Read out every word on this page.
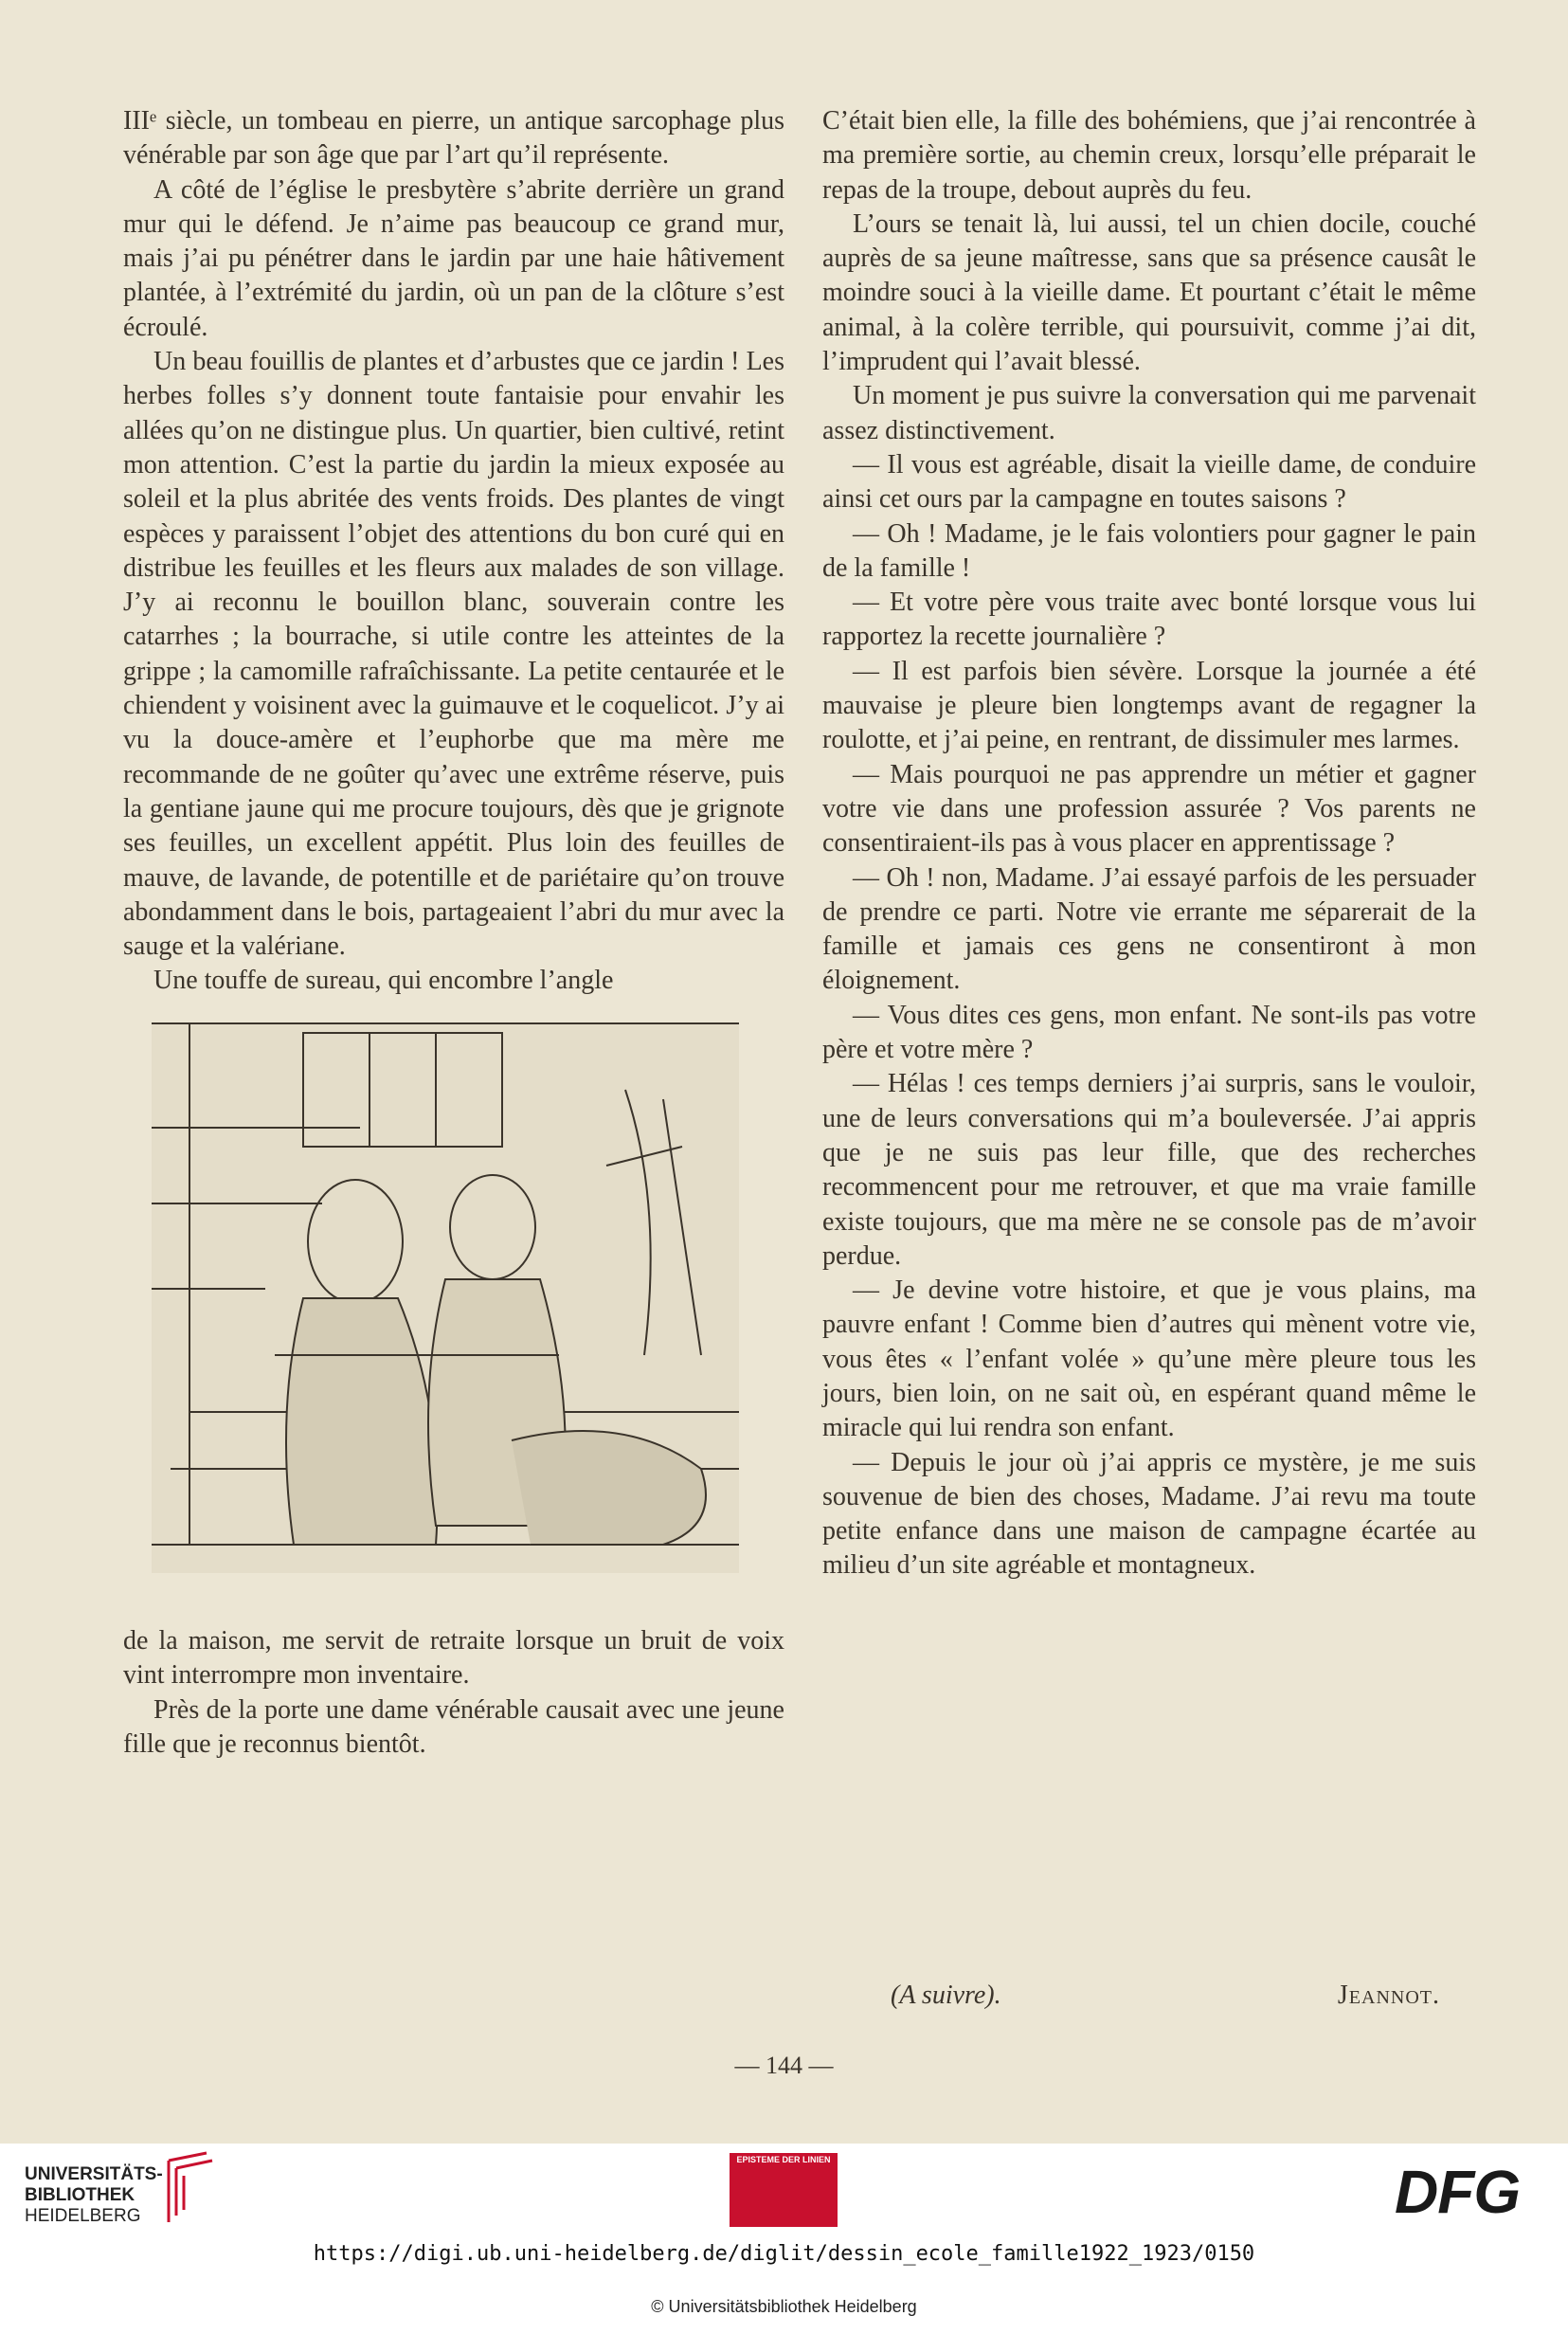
IIIᵉ siècle, un tombeau en pierre, un antique sarcophage plus vénérable par son âge que par l’art qu’il représente.

A côté de l’église le presbytère s’abrite derrière un grand mur qui le défend. Je n’aime pas beaucoup ce grand mur, mais j’ai pu pénétrer dans le jardin par une haie hâtivement plantée, à l’extrémité du jardin, où un pan de la clôture s’est écroulé.

Un beau fouillis de plantes et d’arbustes que ce jardin ! Les herbes folles s’y donnent toute fantaisie pour envahir les allées qu’on ne distingue plus. Un quartier, bien cultivé, retint mon attention. C’est la partie du jardin la mieux exposée au soleil et la plus abritée des vents froids. Des plantes de vingt espèces y paraissent l’objet des attentions du bon curé qui en distribue les feuilles et les fleurs aux malades de son village. J’y ai reconnu le bouillon blanc, souverain contre les catarrhes ; la bourrache, si utile contre les atteintes de la grippe ; la camomille rafraîchissante. La petite centaurée et le chiendent y voisinent avec la guimauve et le coquelicot. J’y ai vu la douce-amère et l’euphorbe que ma mère me recommande de ne goûter qu’avec une extrême réserve, puis la gentiane jaune qui me procure toujours, dès que je grignote ses feuilles, un excellent appétit. Plus loin des feuilles de mauve, de lavande, de potentille et de pariétaire qu’on trouve abondamment dans le bois, partageaient l’abri du mur avec la sauge et la valériane.

Une touffe de sureau, qui encombre l’angle

de la maison, me servit de retraite lorsque un bruit de voix vint interrompre mon inventaire.

Près de la porte une dame vénérable causait avec une jeune fille que je reconnus bientôt.

C’était bien elle, la fille des bohémiens, que j’ai rencontrée à ma première sortie, au chemin creux, lorsqu’elle préparait le repas de la troupe, debout auprès du feu.

L’ours se tenait là, lui aussi, tel un chien docile, couché auprès de sa jeune maîtresse, sans que sa présence causât le moindre souci à la vieille dame. Et pourtant c’était le même animal, à la colère terrible, qui poursuivit, comme j’ai dit, l’imprudent qui l’avait blessé.

Un moment je pus suivre la conversation qui me parvenait assez distinctivement.

— Il vous est agréable, disait la vieille dame, de conduire ainsi cet ours par la campagne en toutes saisons ?

— Oh ! Madame, je le fais volontiers pour gagner le pain de la famille !

— Et votre père vous traite avec bonté lorsque vous lui rapportez la recette journalière ?

— Il est parfois bien sévère. Lorsque la journée a été mauvaise je pleure bien longtemps avant de regagner la roulotte, et j’ai peine, en rentrant, de dissimuler mes larmes.

— Mais pourquoi ne pas apprendre un métier et gagner votre vie dans une profession assurée ? Vos parents ne consentiraient-ils pas à vous placer en apprentissage ?

— Oh ! non, Madame. J’ai essayé parfois de les persuader de prendre ce parti. Notre vie errante me séparerait de la famille et jamais ces gens ne consentiront à mon éloignement.

— Vous dites ces gens, mon enfant. Ne sont-ils pas votre père et votre mère ?

— Hélas ! ces temps derniers j’ai surpris, sans le vouloir, une de leurs conversations qui m’a bouleversée. J’ai appris que je ne suis pas leur fille, que des recherches recommencent pour me retrouver, et que ma vraie famille existe toujours, que ma mère ne se console pas de m’avoir perdue.

— Je devine votre histoire, et que je vous plains, ma pauvre enfant ! Comme bien d’autres qui mènent votre vie, vous êtes « l’enfant volée » qu’une mère pleure tous les jours, bien loin, on ne sait où, en espérant quand même le miracle qui lui rendra son enfant.

— Depuis le jour où j’ai appris ce mystère, je me suis souvenue de bien des choses, Madame. J’ai revu ma toute petite enfance dans une maison de campagne écartée au milieu d’un site agréable et montagneux.

(A suivre).	Jeannot.
— 144 —
UNIVERSITÄTS-
BIBLIOTHEK
HEIDELBERG
EPISTEME DER LINIEN	DFG
https://digi.ub.uni-heidelberg.de/diglit/dessin_ecole_famille1922_1923/0150
© Universitätsbibliothek Heidelberg
